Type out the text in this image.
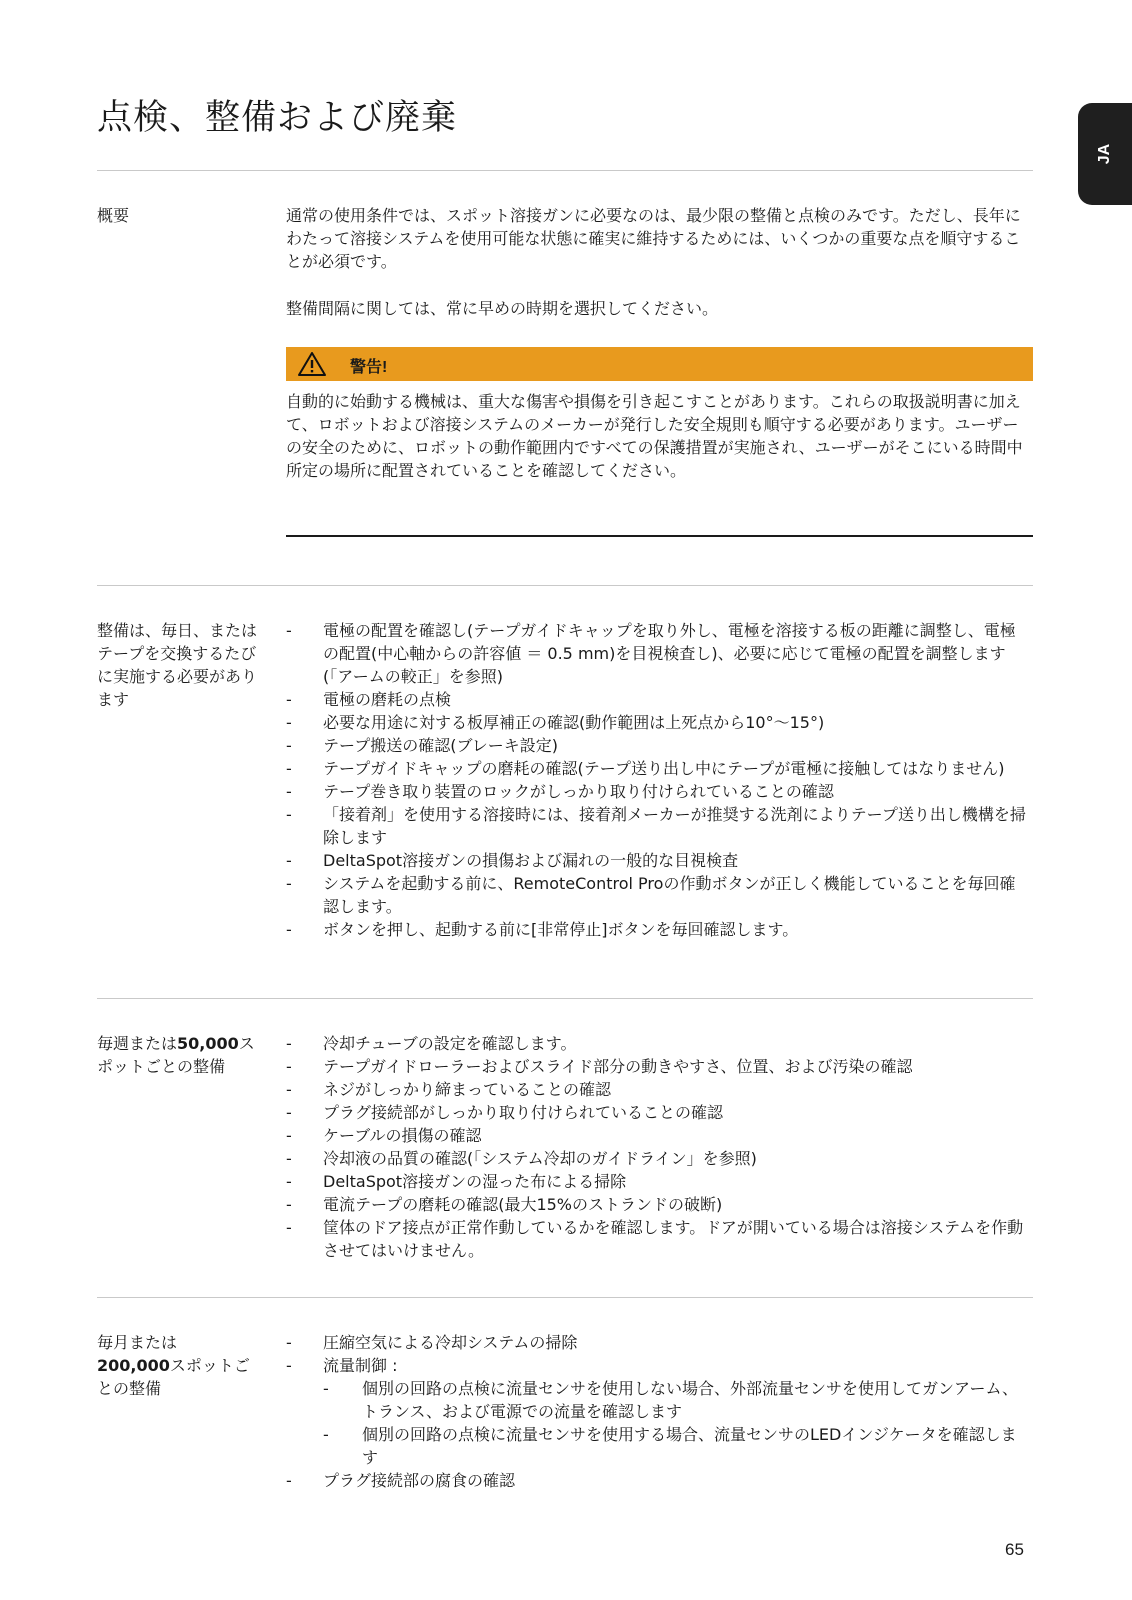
点検、整備および廃棄
JA
概要	通常の使用条件では、スポット溶接ガンに必要なのは、最少限の整備と点検のみです。ただし、長年にわたって溶接システムを使用可能な状態に確実に維持するためには、いくつかの重要な点を順守することが必須です。

整備間隔に関しては、常に早めの時期を選択してください。

警告!
自動的に始動する機械は、重大な傷害や損傷を引き起こすことがあります。これらの取扱説明書に加えて、ロボットおよび溶接システムのメーカーが発行した安全規則も順守する必要があります。ユーザーの安全のために、ロボットの動作範囲内ですべての保護措置が実施され、ユーザーがそこにいる時間中所定の場所に配置されていることを確認してください。
整備は、毎日、またはテープを交換するたびに実施する必要があります
- 電極の配置を確認し(テープガイドキャップを取り外し、電極を溶接する板の距離に調整し、電極の配置(中心軸からの許容値 ＝ 0.5 mm)を目視検査し)、必要に応じて電極の配置を調整します(「アームの較正」を参照)
- 電極の磨耗の点検
- 必要な用途に対する板厚補正の確認(動作範囲は上死点から10°〜15°)
- テープ搬送の確認(ブレーキ設定)
- テープガイドキャップの磨耗の確認(テープ送り出し中にテープが電極に接触してはなりません)
- テープ巻き取り装置のロックがしっかり取り付けられていることの確認
- 「接着剤」を使用する溶接時には、接着剤メーカーが推奨する洗剤によりテープ送り出し機構を掃除します
- DeltaSpot溶接ガンの損傷および漏れの一般的な目視検査
- システムを起動する前に、RemoteControl Proの作動ボタンが正しく機能していることを毎回確認します。
- ボタンを押し、起動する前に[非常停止]ボタンを毎回確認します。
毎週または50,000スポットごとの整備
- 冷却チューブの設定を確認します。
- テープガイドローラーおよびスライド部分の動きやすさ、位置、および汚染の確認
- ネジがしっかり締まっていることの確認
- プラグ接続部がしっかり取り付けられていることの確認
- ケーブルの損傷の確認
- 冷却液の品質の確認(「システム冷却のガイドライン」を参照)
- DeltaSpot溶接ガンの湿った布による掃除
- 電流テープの磨耗の確認(最大15%のストランドの破断)
- 筐体のドア接点が正常作動しているかを確認します。ドアが開いている場合は溶接システムを作動させてはいけません。
毎月または
200,000スポットごとの整備
- 圧縮空気による冷却システムの掃除
- 流量制御 :
- 個別の回路の点検に流量センサを使用しない場合、外部流量センサを使用してガンアーム、トランス、および電源での流量を確認します
- 個別の回路の点検に流量センサを使用する場合、流量センサのLEDインジケータを確認します
- プラグ接続部の腐食の確認
65
